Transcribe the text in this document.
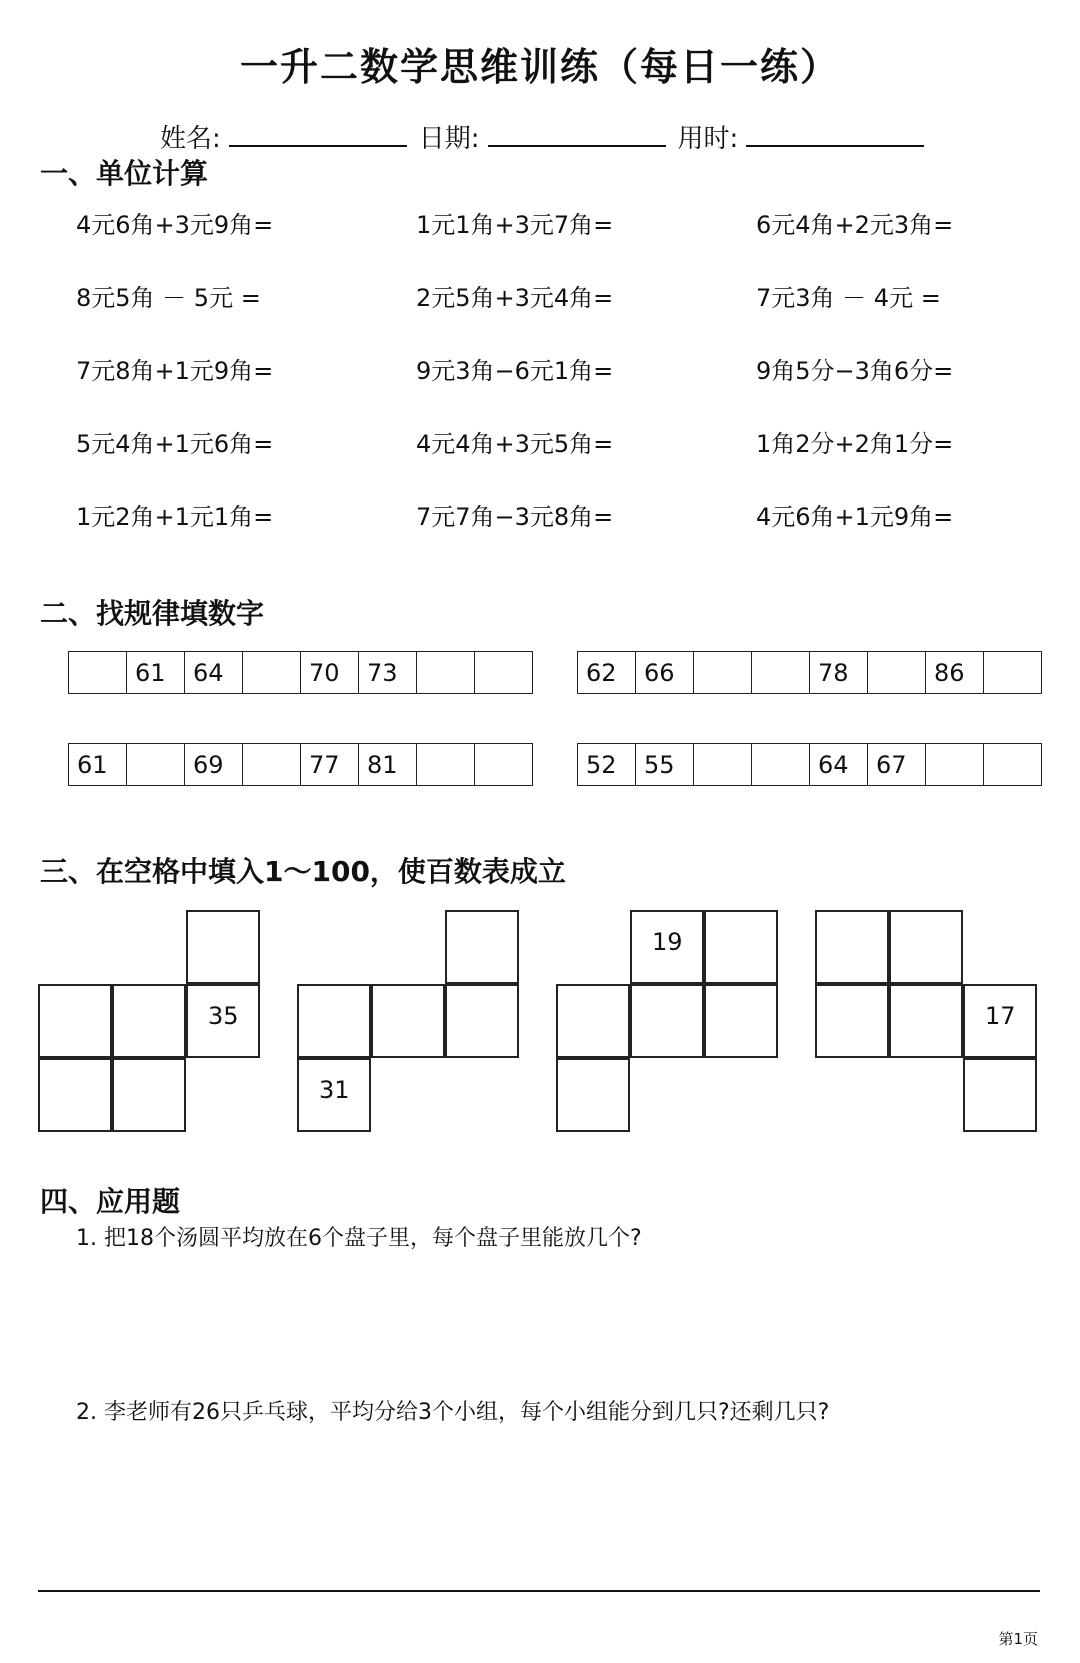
一升二数学思维训练（每日一练）
姓名:	日期:	用时:
一、单位计算
4元6角+3元9角=	1元1角+3元7角=	6元4角+2元3角=
8元5角 － 5元 =	2元5角+3元4角=	7元3角 － 4元 =
7元8角+1元9角=	9元3角−6元1角=	9角5分−3角6分=
5元4角+1元6角=	4元4角+3元5角=	1角2分+2角1分=
1元2角+1元1角=	7元7角−3元8角=	4元6角+1元9角=
二、找规律填数字
	61	64		70	73			62	66			78		86	
61		69		77	81			52	55			64	67		
三、在空格中填入1～100，使百数表成立
35
31
19
17
四、应用题
1. 把18个汤圆平均放在6个盘子里，每个盘子里能放几个?
2. 李老师有26只乒乓球，平均分给3个小组，每个小组能分到几只?还剩几只?
第1页
